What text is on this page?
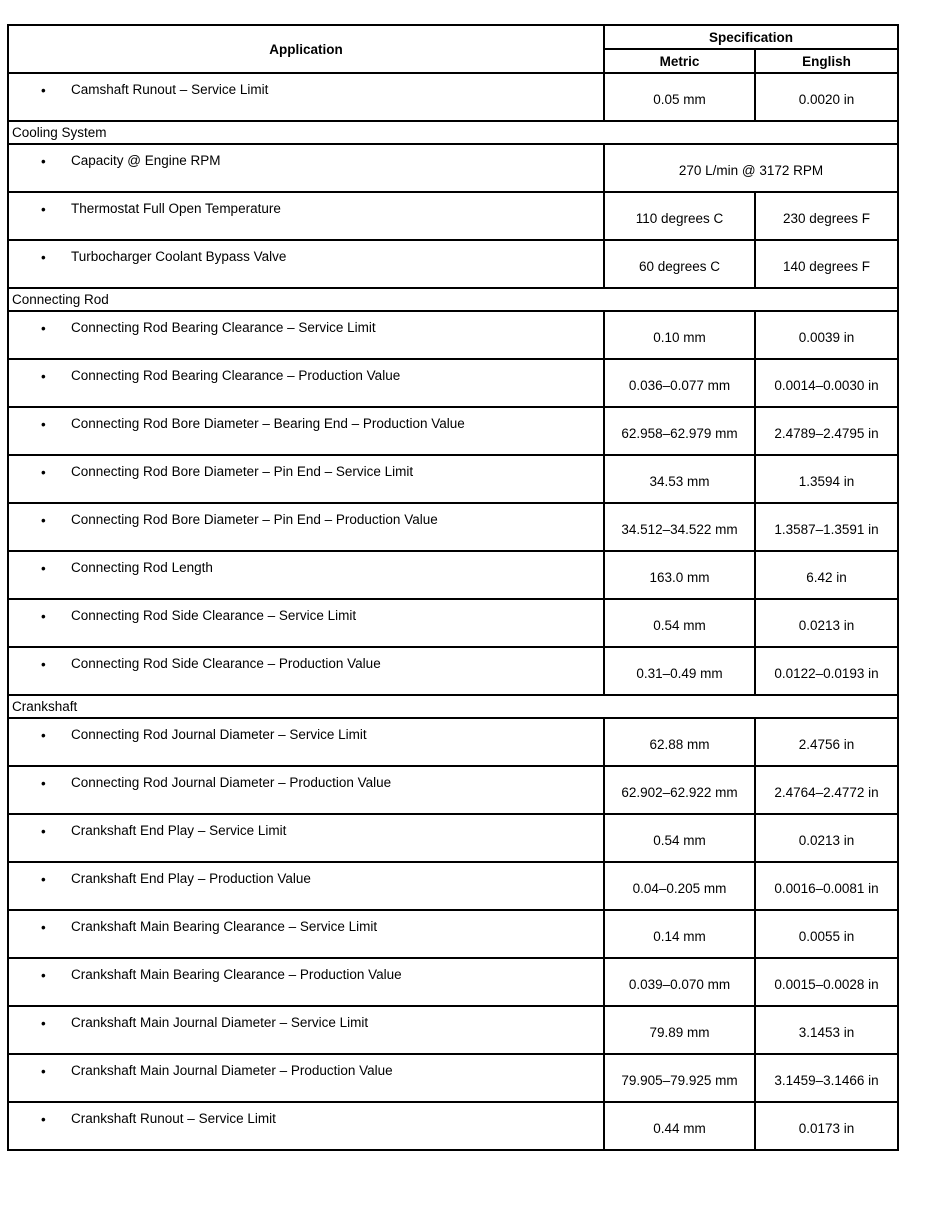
Application	Specification	
	Metric	English

• Camshaft Runout – Service Limit	0.05 mm	0.0020 in
Cooling System		

• Capacity @ Engine RPM	270 L/min @ 3172 RPM	

• Thermostat Full Open Temperature	110 degrees C	230 degrees F

• Turbocharger Coolant Bypass Valve	60 degrees C	140 degrees F
Connecting Rod		

• Connecting Rod Bearing Clearance – Service Limit	0.10 mm	0.0039 in

• Connecting Rod Bearing Clearance – Production Value	0.036–0.077 mm	0.0014–0.0030 in

• Connecting Rod Bore Diameter – Bearing End – Production Value	62.958–62.979 mm	2.4789–2.4795 in

• Connecting Rod Bore Diameter – Pin End – Service Limit	34.53 mm	1.3594 in

• Connecting Rod Bore Diameter – Pin End – Production Value	34.512–34.522 mm	1.3587–1.3591 in

• Connecting Rod Length	163.0 mm	6.42 in

• Connecting Rod Side Clearance – Service Limit	0.54 mm	0.0213 in

• Connecting Rod Side Clearance – Production Value	0.31–0.49 mm	0.0122–0.0193 in
Crankshaft		

• Connecting Rod Journal Diameter – Service Limit	62.88 mm	2.4756 in

• Connecting Rod Journal Diameter – Production Value	62.902–62.922 mm	2.4764–2.4772 in

• Crankshaft End Play – Service Limit	0.54 mm	0.0213 in

• Crankshaft End Play – Production Value	0.04–0.205 mm	0.0016–0.0081 in

• Crankshaft Main Bearing Clearance – Service Limit	0.14 mm	0.0055 in

• Crankshaft Main Bearing Clearance – Production Value	0.039–0.070 mm	0.0015–0.0028 in

• Crankshaft Main Journal Diameter – Service Limit	79.89 mm	3.1453 in

• Crankshaft Main Journal Diameter – Production Value	79.905–79.925 mm	3.1459–3.1466 in

• Crankshaft Runout – Service Limit	0.44 mm	0.0173 in
